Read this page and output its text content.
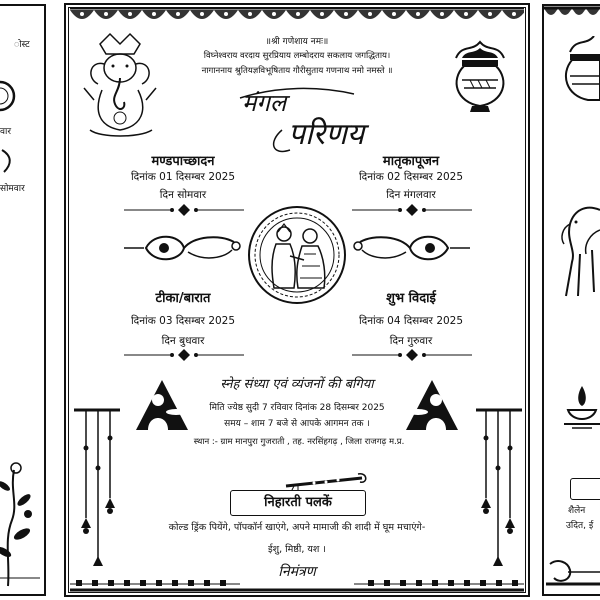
ोस्ट
वार
सोमवार
॥श्री गणेशाय नमः॥
विघ्नेश्वराय वरदाय सुरप्रियाय लम्बोदराय सकलाय जगद्धिताय।
नागाननाय श्रुतियज्ञविभूषिताय गौरीसुताय गणनाथ नमो नमस्ते ॥
मंगल
परिणय
मण्डपाच्छादन
दिनांक 01 दिसम्बर 2025
दिन सोमवार
मातृकापूजन
दिनांक 02 दिसम्बर 2025
दिन मंगलवार
टीका/बारात
दिनांक 03 दिसम्बर 2025
दिन बुधवार
शुभ विदाई
दिनांक 04 दिसम्बर 2025
दिन गुरुवार
स्नेह संध्या एवं व्यंजनों की बगिया
मिति ज्येष्ठ सुदी 7 रविवार दिनांक 28 दिसम्बर 2025
समय – शाम 7 बजे से आपके आगमन तक ।
स्थान :- ग्राम मानपुरा गुजराती , तह. नरसिंहगढ़ , जिला राजगढ़ म.प्र.
निहारती पलकें
कोल्ड ड्रिंक पियेंगे, पॉपकॉर्न खाएंगे, अपने मामाजी की शादी में घूम मचाएंगे-
ईशु, मिष्ठी, यश ।
निमंत्रण
शैलेन
उदित, ई
